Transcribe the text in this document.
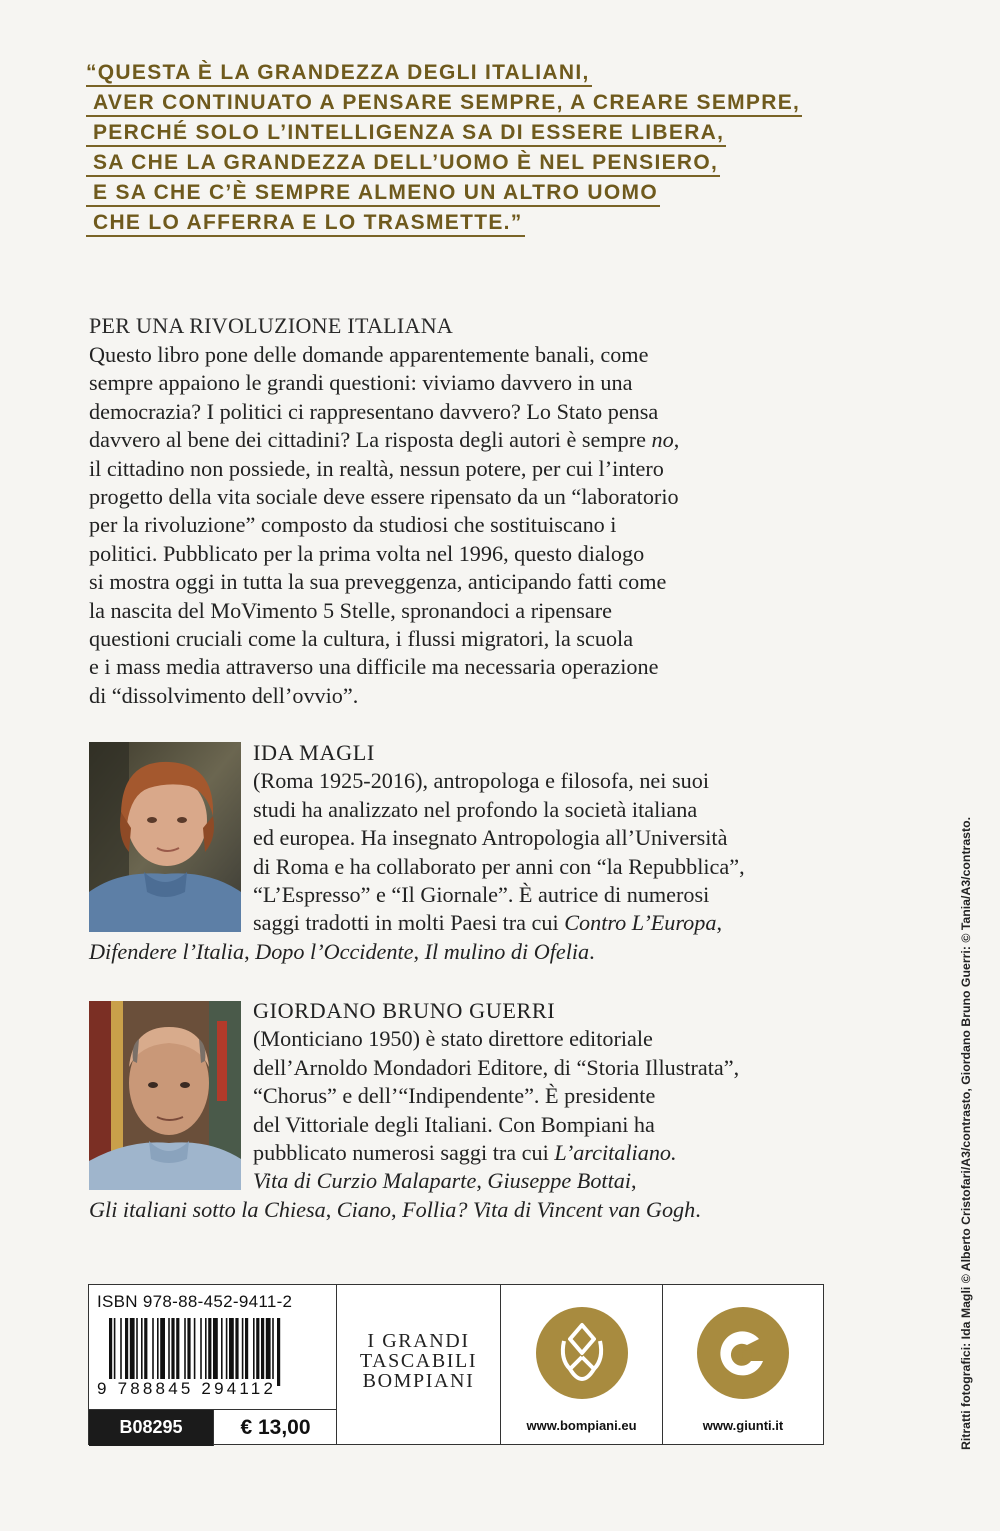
“QUESTA È LA GRANDEZZA DEGLI ITALIANI,
AVER CONTINUATO A PENSARE SEMPRE, A CREARE SEMPRE,
PERCHÉ SOLO L’INTELLIGENZA SA DI ESSERE LIBERA,
SA CHE LA GRANDEZZA DELL’UOMO È NEL PENSIERO,
E SA CHE C’È SEMPRE ALMENO UN ALTRO UOMO
CHE LO AFFERRA E LO TRASMETTE.”
PER UNA RIVOLUZIONE ITALIANA

Questo libro pone delle domande apparentemente banali, come

sempre appaiono le grandi questioni: viviamo davvero in una

democrazia? I politici ci rappresentano davvero? Lo Stato pensa

davvero al bene dei cittadini? La risposta degli autori è sempre no,

il cittadino non possiede, in realtà, nessun potere, per cui l’intero

progetto della vita sociale deve essere ripensato da un “laboratorio

per la rivoluzione” composto da studiosi che sostituiscano i

politici. Pubblicato per la prima volta nel 1996, questo dialogo

si mostra oggi in tutta la sua preveggenza, anticipando fatti come

la nascita del MoVimento 5 Stelle, spronandoci a ripensare

questioni cruciali come la cultura, i flussi migratori, la scuola

e i mass media attraverso una difficile ma necessaria operazione

di “dissolvimento dell’ovvio”.

IDA MAGLI

(Roma 1925-2016), antropologa e filosofa, nei suoi

studi ha analizzato nel profondo la società italiana

ed europea. Ha insegnato Antropologia all’Università

di Roma e ha collaborato per anni con “la Repubblica”,

“L’Espresso” e “Il Giornale”. È autrice di numerosi

saggi tradotti in molti Paesi tra cui Contro L’Europa,

Difendere l’Italia, Dopo l’Occidente, Il mulino di Ofelia.

GIORDANO BRUNO GUERRI

(Monticiano 1950) è stato direttore editoriale

dell’Arnoldo Mondadori Editore, di “Storia Illustrata”,

“Chorus” e dell’“Indipendente”. È presidente

del Vittoriale degli Italiani. Con Bompiani ha

pubblicato numerosi saggi tra cui L’arcitaliano.

Vita di Curzio Malaparte, Giuseppe Bottai,

Gli italiani sotto la Chiesa, Ciano, Follia? Vita di Vincent van Gogh.	Ritratti fotografici: Ida Magli © Alberto Cristofari/A3/contrasto, Giordano Bruno Guerri: © Tania/A3/contrasto.
ISBN 978-88-452-9411-2
9 788845 294112
B08295	€ 13,00
I GRANDI
TASCABILI
BOMPIANI
www.bompiani.eu	www.giunti.it
